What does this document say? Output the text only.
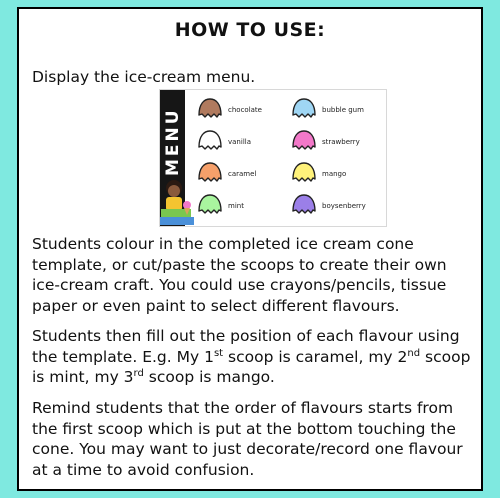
HOW TO USE:
Display the ice-cream menu.
MENU	chocolate	bubble gum
vanilla	strawberry
caramel	mango
mint	boysenberry

Students colour in the completed ice cream cone template, or cut/paste the scoops to create their own ice-cream craft. You could use crayons/pencils, tissue paper or even paint to select different flavours.

Students then fill out the position of each flavour using the template. E.g. My 1st scoop is caramel, my 2nd scoop is mint, my 3rd scoop is mango.

Remind students that the order of flavours starts from the first scoop which is put at the bottom touching the cone. You may want to just decorate/record one flavour at a time to avoid confusion.
